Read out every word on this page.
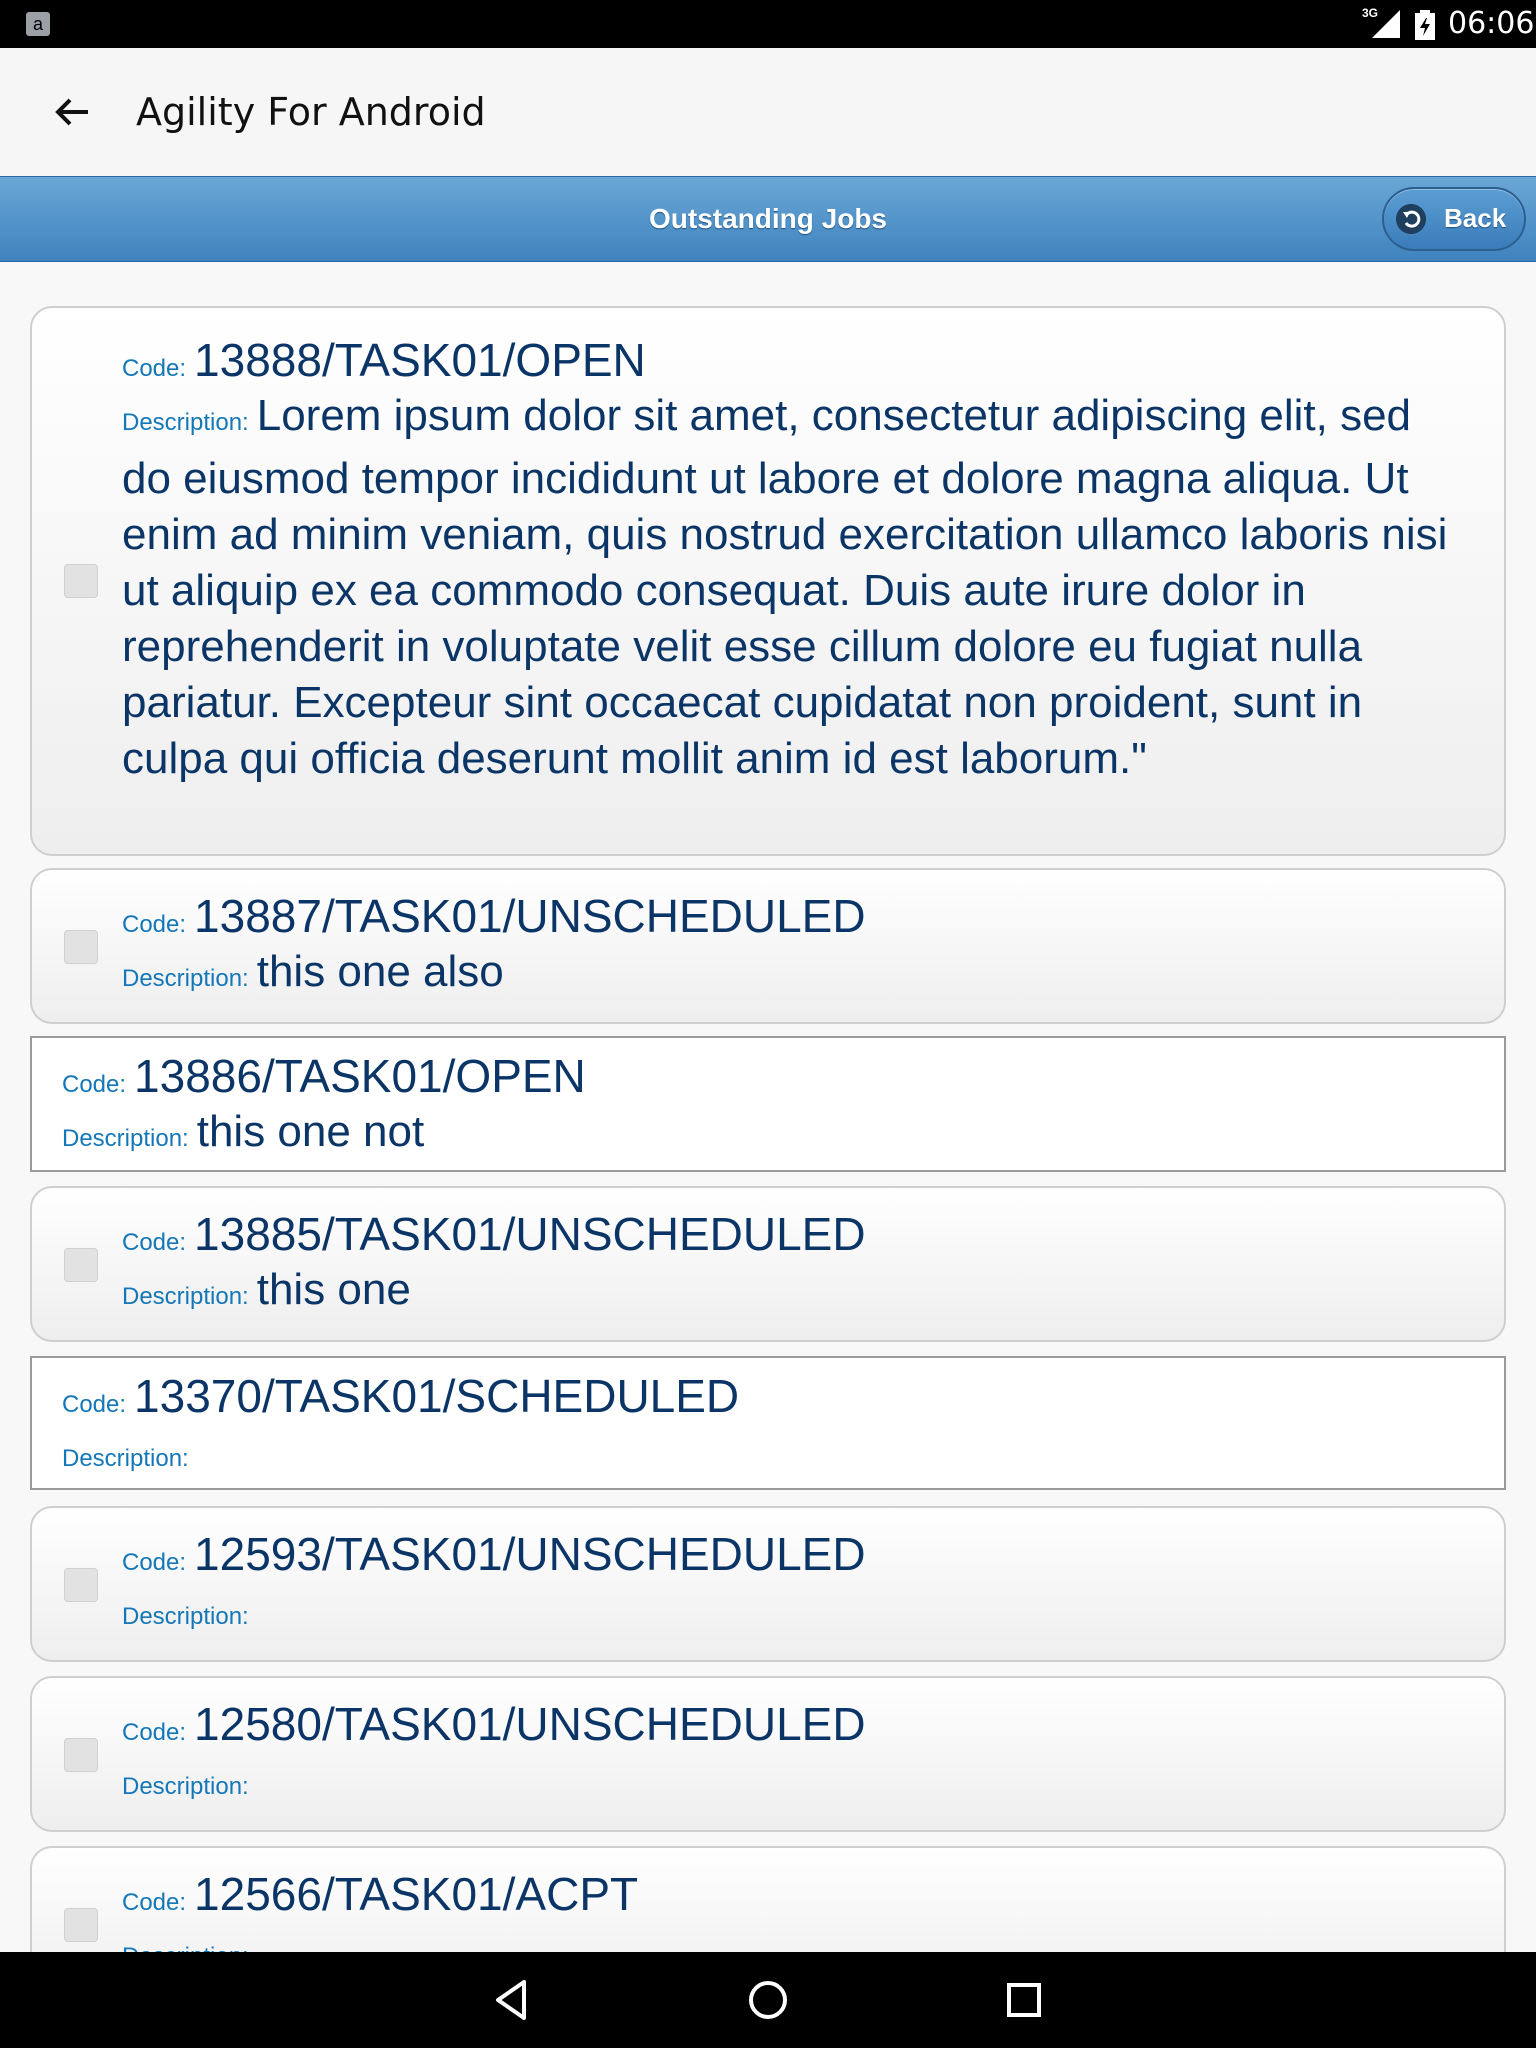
a
3G 06:06
Agility For Android
Outstanding Jobs	Back
Code: 13888/TASK01/OPEN
Description: Lorem ipsum dolor sit amet, consectetur adipiscing elit, sed do eiusmod tempor incididunt ut labore et dolore magna aliqua. Ut enim ad minim veniam, quis nostrud exercitation ullamco laboris nisi ut aliquip ex ea commodo consequat. Duis aute irure dolor in reprehenderit in voluptate velit esse cillum dolore eu fugiat nulla pariatur. Excepteur sint occaecat cupidatat non proident, sunt in culpa qui officia deserunt mollit anim id est laborum."
Code: 13887/TASK01/UNSCHEDULED
Description: this one also
Code: 13886/TASK01/OPEN
Description: this one not
Code: 13885/TASK01/UNSCHEDULED
Description: this one
Code: 13370/TASK01/SCHEDULED
Description:
Code: 12593/TASK01/UNSCHEDULED
Description:
Code: 12580/TASK01/UNSCHEDULED
Description:
Code: 12566/TASK01/ACPT
